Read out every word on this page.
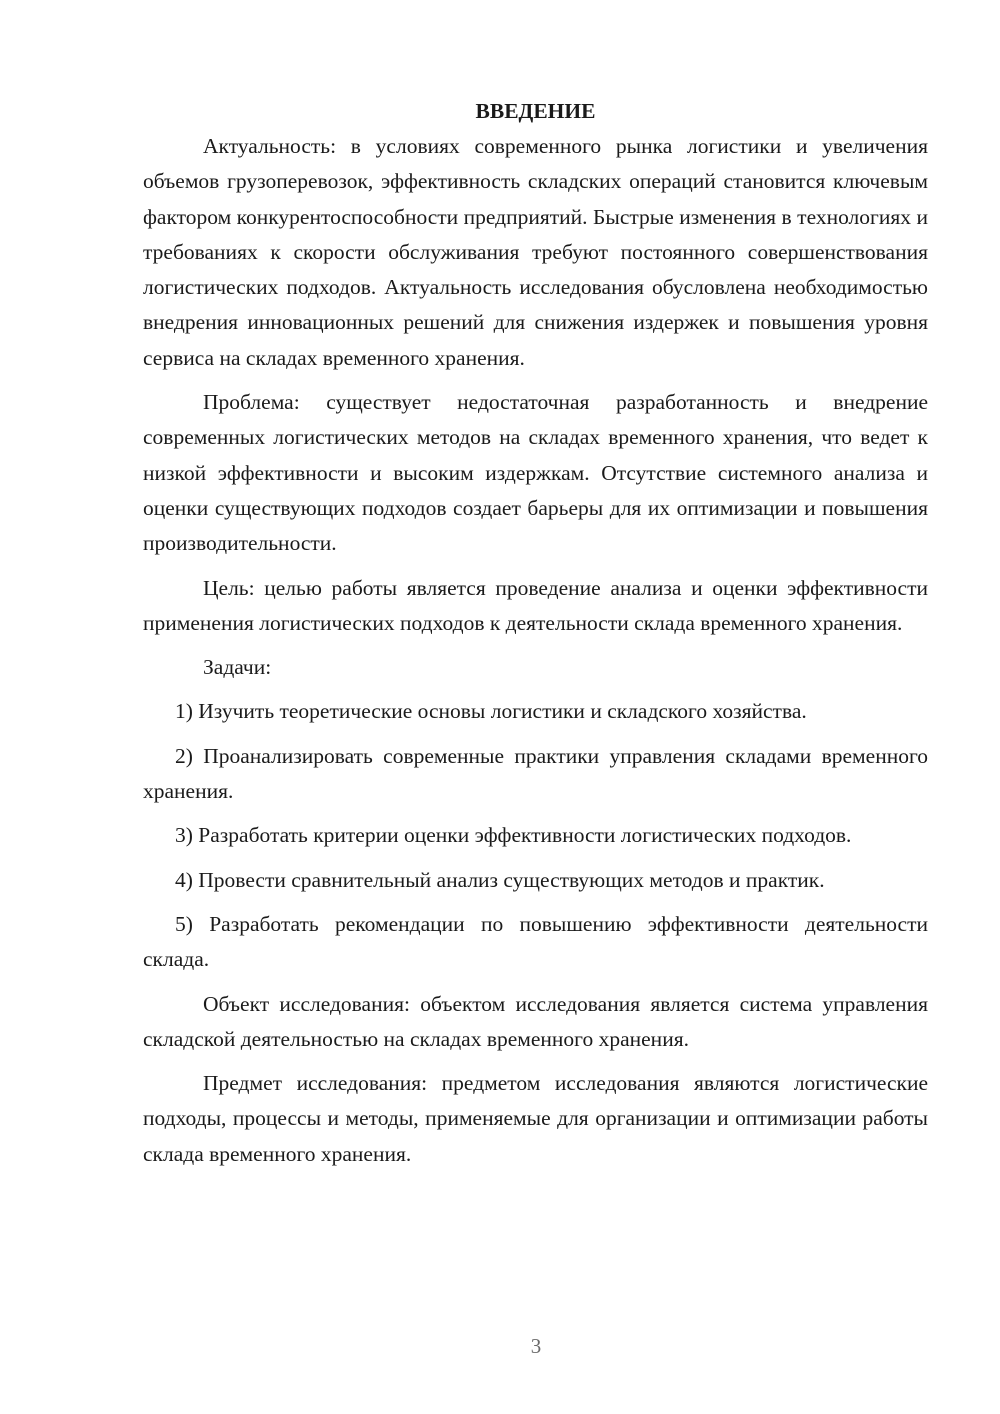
ВВЕДЕНИЕ

Актуальность: в условиях современного рынка логистики и увеличения объемов грузоперевозок, эффективность складских операций становится ключевым фактором конкурентоспособности предприятий. Быстрые изменения в технологиях и требованиях к скорости обслуживания требуют постоянного совершенствования логистических подходов. Актуальность исследования обусловлена необходимостью внедрения инновационных решений для снижения издержек и повышения уровня сервиса на складах временного хранения.

Проблема: существует недостаточная разработанность и внедрение современных логистических методов на складах временного хранения, что ведет к низкой эффективности и высоким издержкам. Отсутствие системного анализа и оценки существующих подходов создает барьеры для их оптимизации и повышения производительности.

Цель: целью работы является проведение анализа и оценки эффективности применения логистических подходов к деятельности склада временного хранения.

Задачи:

1) Изучить теоретические основы логистики и складского хозяйства.

2) Проанализировать современные практики управления складами временного хранения.

3) Разработать критерии оценки эффективности логистических подходов.

4) Провести сравнительный анализ существующих методов и практик.

5) Разработать рекомендации по повышению эффективности деятельности склада.

Объект исследования: объектом исследования является система управления складской деятельностью на складах временного хранения.

Предмет исследования: предметом исследования являются логистические подходы, процессы и методы, применяемые для организации и оптимизации работы склада временного хранения.

3
